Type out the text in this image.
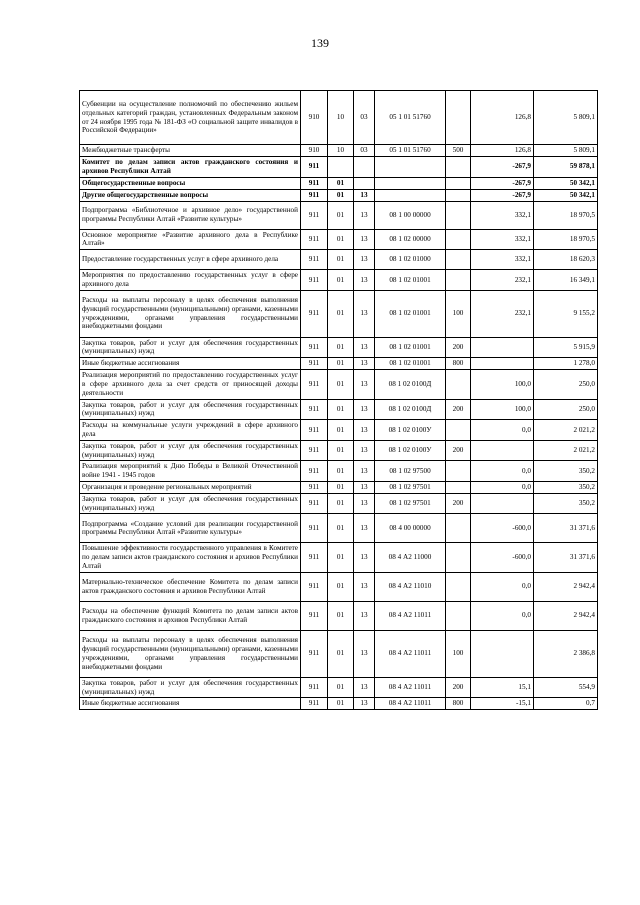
139
Субвенции на осуществление полномочий по обеспечению жильем отдельных категорий граждан, установленных Федеральным законом от 24 ноября 1995 года № 181-ФЗ «О социальной защите инвалидов в Российской Федерации»	910	10	03	05 1 01 51760		126,8	5 809,1
Межбюджетные трансферты	910	10	03	05 1 01 51760	500	126,8	5 809,1
Комитет по делам записи актов гражданского состояния и архивов Республики Алтай	911					-267,9	59 878,1
Общегосударственные вопросы	911	01				-267,9	50 342,1
Другие общегосударственные вопросы	911	01	13			-267,9	50 342,1
Подпрограмма «Библиотечное и архивное дело» государственной программы Республики Алтай «Развитие культуры»	911	01	13	08 1 00 00000		332,1	18 970,5
Основное мероприятие «Развитие архивного дела в Республике Алтай»	911	01	13	08 1 02 00000		332,1	18 970,5
Предоставление государственных услуг в сфере архивного дела	911	01	13	08 1 02 01000		332,1	18 620,3
Мероприятия по предоставлению государственных услуг в сфере архивного дела	911	01	13	08 1 02 01001		232,1	16 349,1
Расходы на выплаты персоналу в целях обеспечения выполнения функций государственными (муниципальными) органами, казенными учреждениями, органами управления государственными внебюджетными фондами	911	01	13	08 1 02 01001	100	232,1	9 155,2
Закупка товаров, работ и услуг для обеспечения государственных (муниципальных) нужд	911	01	13	08 1 02 01001	200		5 915,9
Иные бюджетные ассигнования	911	01	13	08 1 02 01001	800		1 278,0
Реализация мероприятий по предоставлению государственных услуг в сфере архивного дела за счет средств от приносящей доходы деятельности	911	01	13	08 1 02 0100Д		100,0	250,0
Закупка товаров, работ и услуг для обеспечения государственных (муниципальных) нужд	911	01	13	08 1 02 0100Д	200	100,0	250,0
Расходы на коммунальные услуги учреждений в сфере архивного дела	911	01	13	08 1 02 0100У		0,0	2 021,2
Закупка товаров, работ и услуг для обеспечения государственных (муниципальных) нужд	911	01	13	08 1 02 0100У	200		2 021,2
Реализация мероприятий к Дню Победы в Великой Отечественной войне 1941 - 1945 годов	911	01	13	08 1 02 97500		0,0	350,2
Организация и проведение региональных мероприятий	911	01	13	08 1 02 97501		0,0	350,2
Закупка товаров, работ и услуг для обеспечения государственных (муниципальных) нужд	911	01	13	08 1 02 97501	200		350,2
Подпрограмма «Создание условий для реализации государственной программы Республики Алтай «Развитие культуры»	911	01	13	08 4 00 00000		-600,0	31 371,6
Повышение эффективности государственного управления в Комитете по делам записи актов гражданского состояния и архивов Республики Алтай	911	01	13	08 4 А2 11000		-600,0	31 371,6
Материально-техническое обеспечение Комитета по делам записи актов гражданского состояния и архивов Республики Алтай	911	01	13	08 4 А2 11010		0,0	2 942,4
Расходы на обеспечение функций Комитета по делам записи актов гражданского состояния и архивов Республики Алтай	911	01	13	08 4 А2 11011		0,0	2 942,4
Расходы на выплаты персоналу в целях обеспечения выполнения функций государственными (муниципальными) органами, казенными учреждениями, органами управления государственными внебюджетными фондами	911	01	13	08 4 А2 11011	100		2 386,8
Закупка товаров, работ и услуг для обеспечения государственных (муниципальных) нужд	911	01	13	08 4 А2 11011	200	15,1	554,9
Иные бюджетные ассигнования	911	01	13	08 4 А2 11011	800	-15,1	0,7
